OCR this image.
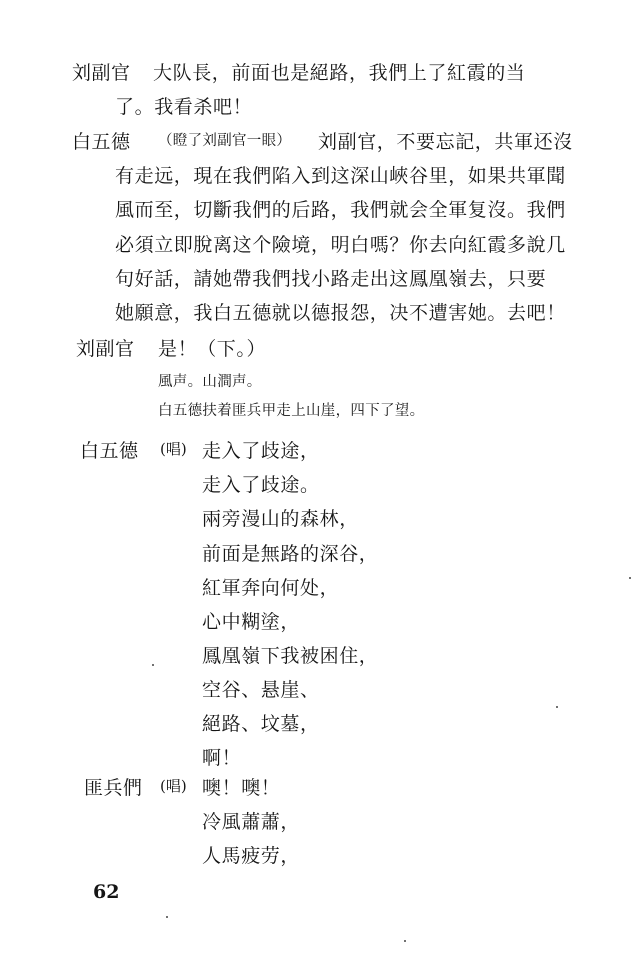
刘副官 大队長，前面也是絕路，我們上了紅霞的当
了。我看杀吧！
白五德 （瞪了刘副官一眼） 刘副官，不要忘記，共軍还沒
有走远，現在我們陷入到这深山峽谷里，如果共軍聞
風而至，切斷我們的后路，我們就会全軍复沒。我們
必須立即脫离这个險境，明白嗎？你去向紅霞多說几
句好話，請她帶我們找小路走出这鳳凰嶺去，只要
她願意，我白五德就以德报怨，决不遭害她。去吧！
刘副官 是！（下。）
風声。山澗声。
白五德扶着匪兵甲走上山崖，四下了望。
白五德 (唱) 走入了歧途，
走入了歧途。
兩旁漫山的森林，
前面是無路的深谷，
紅軍奔向何处，
心中糊塗，
鳳凰嶺下我被困住，
空谷、悬崖、
絕路、坟墓，
啊！
匪兵們 (唱) 噢！噢！
冷風蕭蕭，
人馬疲劳，
62
